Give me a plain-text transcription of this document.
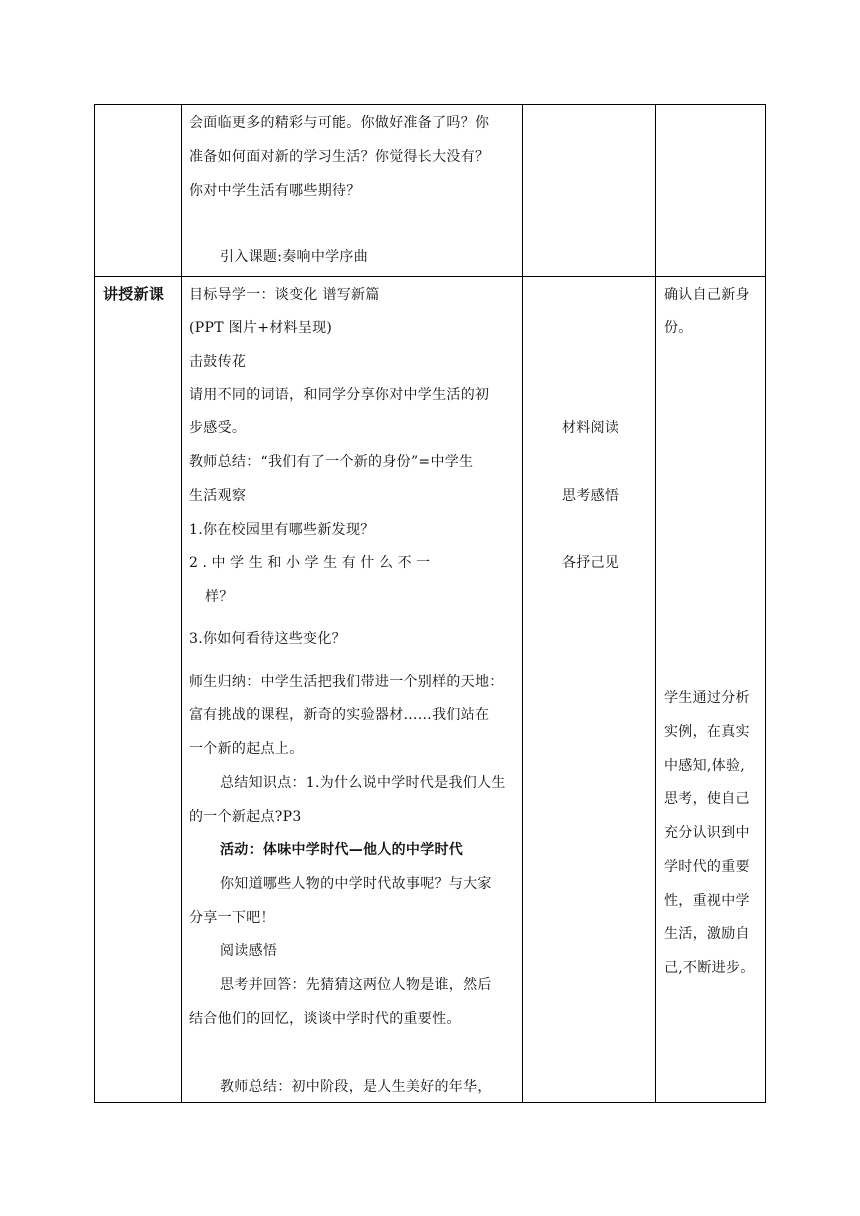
会面临更多的精彩与可能。你做好准备了吗？你
准备如何面对新的学习生活？你觉得长大没有？
你对中学生活有哪些期待？
引入课题:奏响中学序曲
讲授新课 目标导学一：谈变化 谱写新篇
(PPT 图片+材料呈现)
击鼓传花
请用不同的词语，和同学分享你对中学生活的初
步感受。
教师总结：“我们有了一个新的身份”=中学生
生活观察
1.你在校园里有哪些新发现？
2.中学生和小学生有什么不一
样？
3.你如何看待这些变化？
师生归纳：中学生活把我们带进一个别样的天地：
富有挑战的课程，新奇的实验器材……我们站在
一个新的起点上。
总结知识点：1.为什么说中学时代是我们人生
的一个新起点?P3
活动：体味中学时代—他人的中学时代
你知道哪些人物的中学时代故事呢？与大家
分享一下吧！
阅读感悟
思考并回答：先猜猜这两位人物是谁，然后
结合他们的回忆，谈谈中学时代的重要性。
教师总结：初中阶段，是人生美好的年华，
材料阅读
思考感悟
各抒己见
确认自己新身
份。
学生通过分析
实例，在真实
中感知,体验,
思考，使自己
充分认识到中
学时代的重要
性，重视中学
生活，激励自
己,不断进步。
